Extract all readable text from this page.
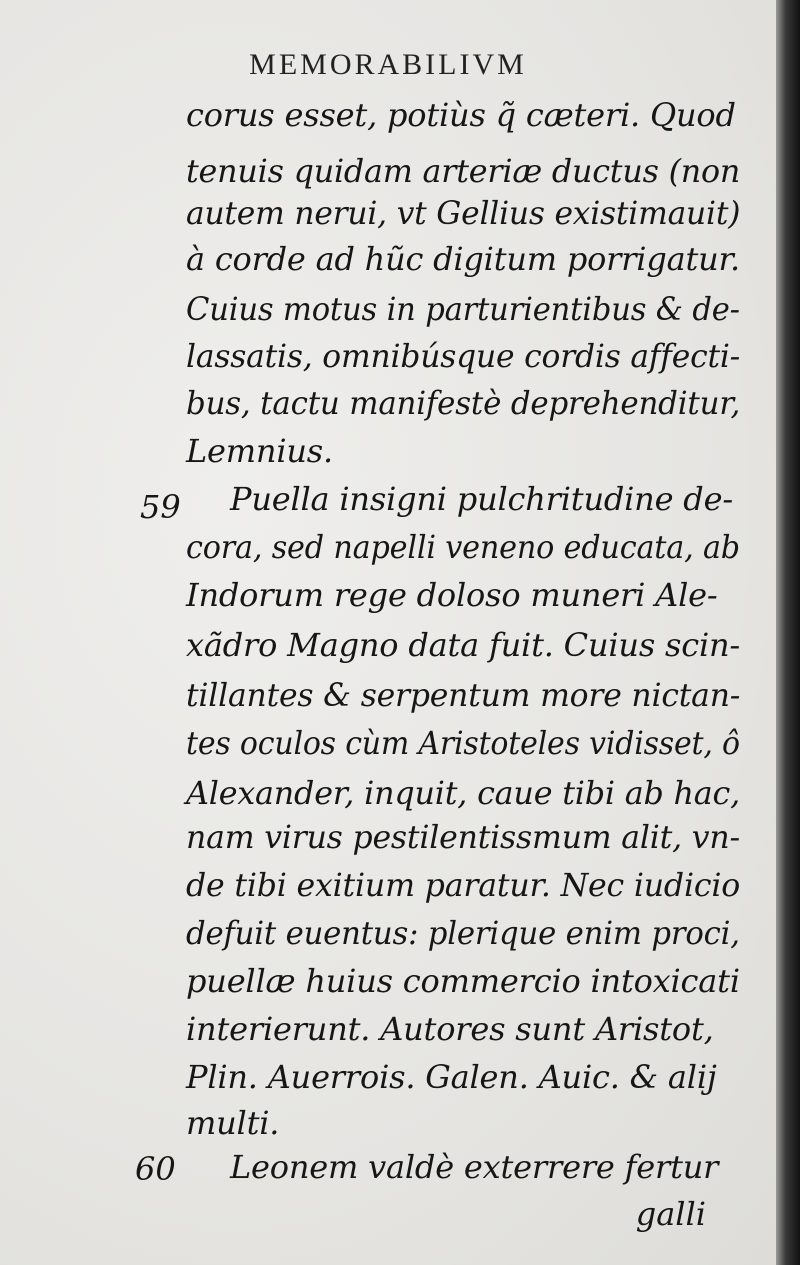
MEMORABILIVM
corus esset, potiùs q̃ cæteri. Quod
tenuis quidam arteriæ ductus (non
autem nerui, vt Gellius existimauit)
à corde ad hũc digitum porrigatur.
Cuius motus in parturientibus & de-
lassatis, omnibúsque cordis affecti-
bus, tactu manifestè deprehenditur,
Lemnius.
59 Puella insigni pulchritudine de-
cora, sed napelli veneno educata, ab
Indorum rege doloso muneri Ale-
xãdro Magno data fuit. Cuius scin-
tillantes & serpentum more nictan-
tes oculos cùm Aristoteles vidisset, ô
Alexander, inquit, caue tibi ab hac,
nam virus pestilentissmum alit, vn-
de tibi exitium paratur. Nec iudicio
defuit euentus: plerique enim proci,
puellæ huius commercio intoxicati
interierunt. Autores sunt Aristot,
Plin. Auerrois. Galen. Auic. & alij
multi.
60 Leonem valdè exterrere fertur
galli
